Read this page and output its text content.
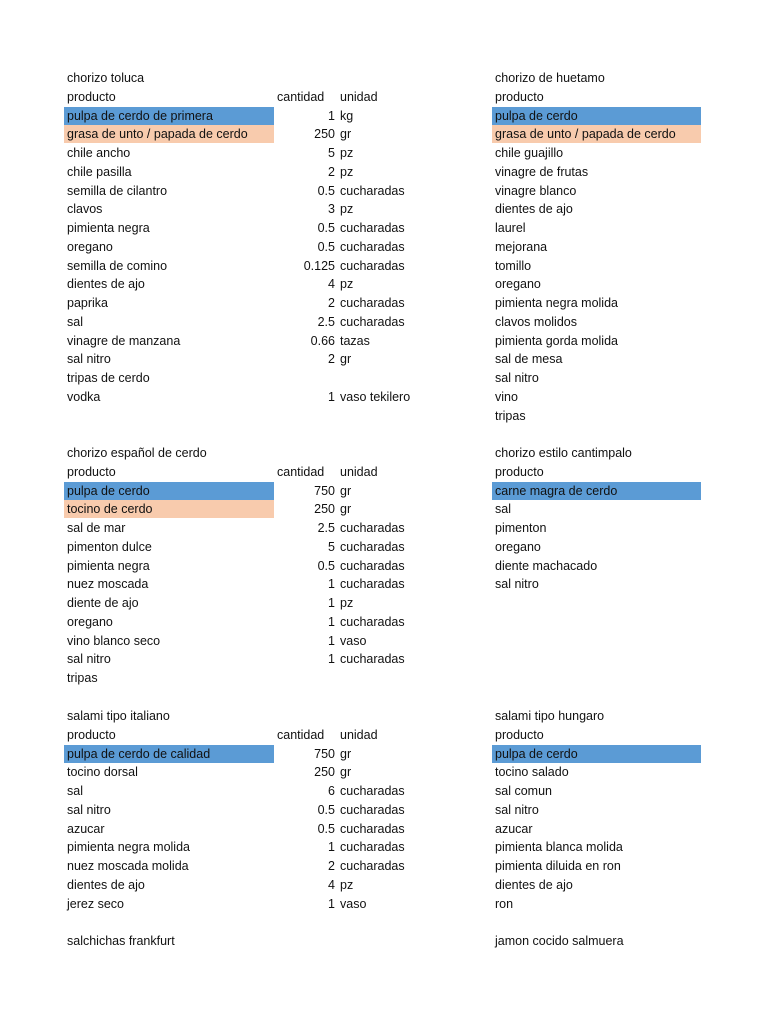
chorizo toluca
producto	cantidad	unidad
pulpa de cerdo de primera	1 kg
grasa de unto / papada de cerdo	250 gr
chile ancho	5 pz
chile pasilla	2 pz
semilla de cilantro	0.5 cucharadas
clavos	3 pz
pimienta negra	0.5 cucharadas
oregano	0.5 cucharadas
semilla de comino	0.125 cucharadas
dientes de ajo	4 pz
paprika	2 cucharadas
sal	2.5 cucharadas
vinagre de manzana	0.66 tazas
sal nitro	2 gr
tripas de cerdo
vodka	1 vaso tekilero
chorizo de huetamo
producto
pulpa de cerdo
grasa de unto / papada de cerdo
chile guajillo
vinagre de frutas
vinagre blanco
dientes de ajo
laurel
mejorana
tomillo
oregano
pimienta negra molida
clavos molidos
pimienta gorda molida
sal de mesa
sal nitro
vino
tripas
chorizo español de cerdo
producto	cantidad	unidad
pulpa de cerdo	750 gr
tocino de cerdo	250 gr
sal de mar	2.5 cucharadas
pimenton dulce	5 cucharadas
pimienta negra	0.5 cucharadas
nuez moscada	1 cucharadas
diente de ajo	1 pz
oregano	1 cucharadas
vino blanco seco	1 vaso
sal nitro	1 cucharadas
tripas
chorizo estilo cantimpalo
producto
carne magra de cerdo
sal
pimenton
oregano
diente machacado
sal nitro
salami tipo italiano
producto	cantidad	unidad
pulpa de cerdo de calidad	750 gr
tocino dorsal	250 gr
sal	6 cucharadas
sal nitro	0.5 cucharadas
azucar	0.5 cucharadas
pimienta negra molida	1 cucharadas
nuez moscada molida	2 cucharadas
dientes de ajo	4 pz
jerez seco	1 vaso
salami tipo hungaro
producto
pulpa de cerdo
tocino salado
sal comun
sal nitro
azucar
pimienta blanca molida
pimienta diluida en ron
dientes de ajo
ron
salchichas frankfurt	jamon cocido salmuera
